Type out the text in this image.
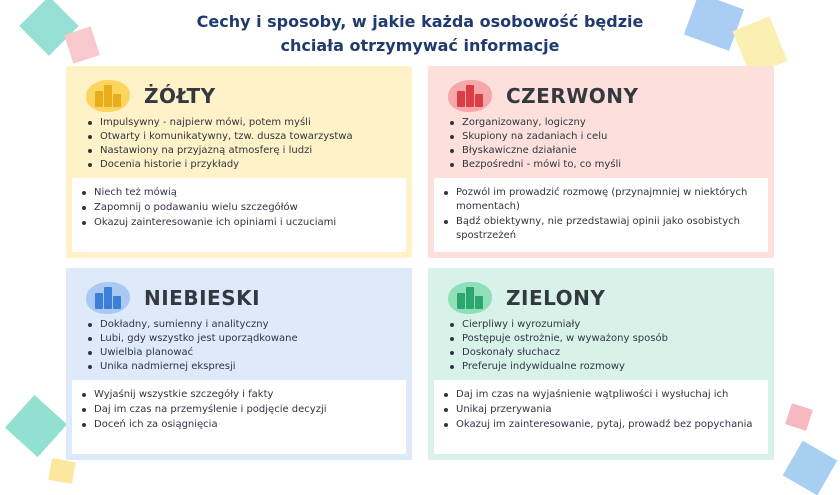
Cechy i sposoby, w jakie każda osobowość będzie
chciała otrzymywać informacje
ŻÓŁTY
Impulsywny - najpierw mówi, potem myśli
Otwarty i komunikatywny, tzw. dusza towarzystwa
Nastawiony na przyjazną atmosferę i ludzi
Docenia historie i przykłady
Niech też mówią
Zapomnij o podawaniu wielu szczegółów
Okazuj zainteresowanie ich opiniami i uczuciami
CZERWONY
Zorganizowany, logiczny
Skupiony na zadaniach i celu
Błyskawiczne działanie
Bezpośredni - mówi to, co myśli
Pozwól im prowadzić rozmowę (przynajmniej w niektórych momentach)
Bądź obiektywny, nie przedstawiaj opinii jako osobistych spostrzeżeń
NIEBIESKI
Dokładny, sumienny i analityczny
Lubi, gdy wszystko jest uporządkowane
Uwielbia planować
Unika nadmiernej ekspresji
Wyjaśnij wszystkie szczegóły i fakty
Daj im czas na przemyślenie i podjęcie decyzji
Doceń ich za osiągnięcia
ZIELONY
Cierpliwy i wyrozumiały
Postępuje ostrożnie, w wyważony sposób
Doskonały słuchacz
Preferuje indywidualne rozmowy
Daj im czas na wyjaśnienie wątpliwości i wysłuchaj ich
Unikaj przerywania
Okazuj im zainteresowanie, pytaj, prowadź bez popychania
